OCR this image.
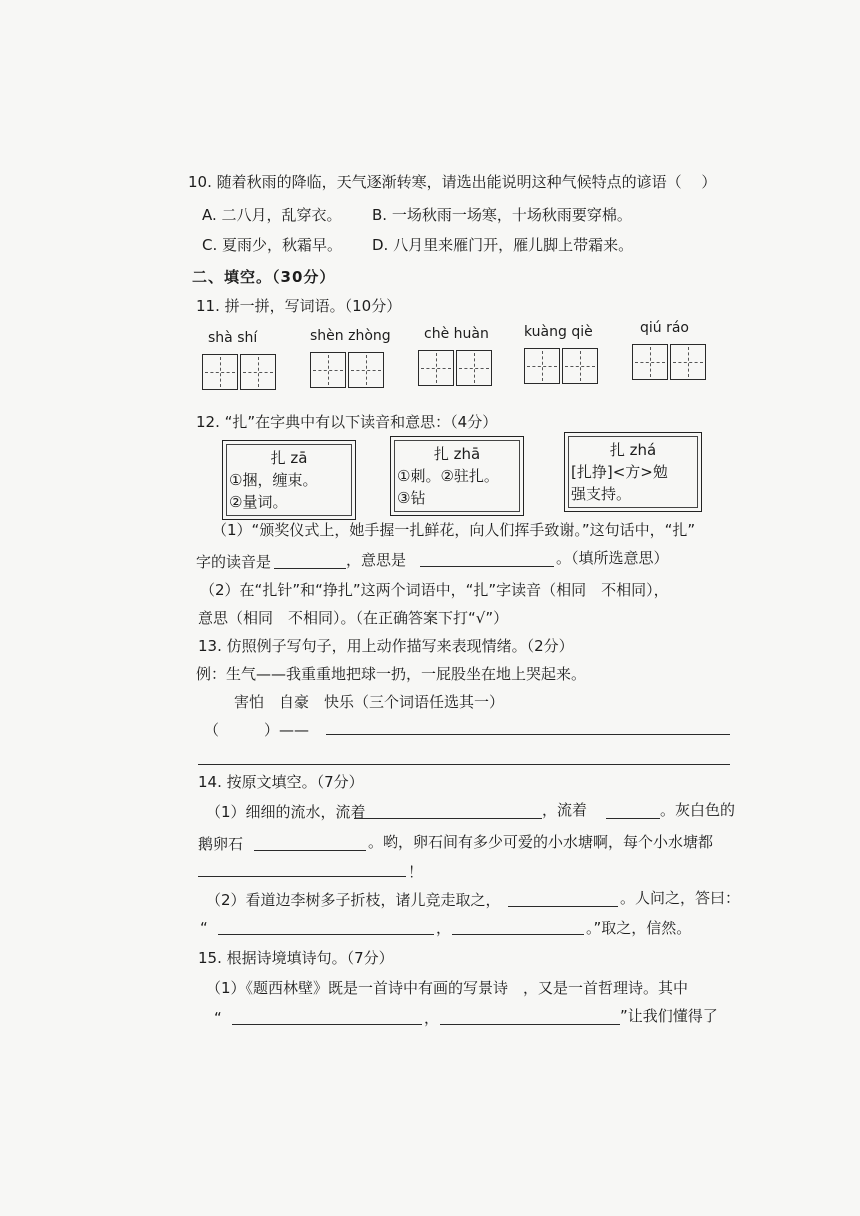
10. 随着秋雨的降临，天气逐渐转寒，请选出能说明这种气候特点的谚语（　 ）
A. 二八月，乱穿衣。 B. 一场秋雨一场寒，十场秋雨要穿棉。
C. 夏雨少，秋霜早。 D. 八月里来雁门开，雁儿脚上带霜来。
二、填空。（30分）
11. 拼一拼，写词语。（10分）
shà shí	shèn zhòng chè huàn	kuàng qiè	qiú ráo
12. “扎”在字典中有以下读音和意思：（4分）
扎 zā
①捆，缠束。
②量词。
扎 zhā
①刺。②驻扎。
③钻
扎 zhá
[扎挣]<方>勉
强支持。
（1）“颁奖仪式上，她手握一扎鲜花，向人们挥手致谢。”这句话中，“扎”
字的读音是	，意思是	。（填所选意思）
（2）在“扎针”和“挣扎”这两个词语中，“扎”字读音（相同　不相同），
意思（相同　不相同）。（在正确答案下打“√”）
13. 仿照例子写句子，用上动作描写来表现情绪。（2分）
例：生气——我重重地把球一扔，一屁股坐在地上哭起来。
害怕　自豪　快乐（三个词语任选其一）
（　　　）——
14. 按原文填空。（7分）
（1）细细的流水，流着	，流着	。灰白色的
鹅卵石	。哟，卵石间有多少可爱的小水塘啊，每个小水塘都
！
（2）看道边李树多子折枝，诸儿竞走取之，	。人问之，答曰：
“	，	。”取之，信然。
15. 根据诗境填诗句。（7分）
（1）《题西林壁》既是一首诗中有画的写景诗　，又是一首哲理诗。其中
“	，	”让我们懂得了
